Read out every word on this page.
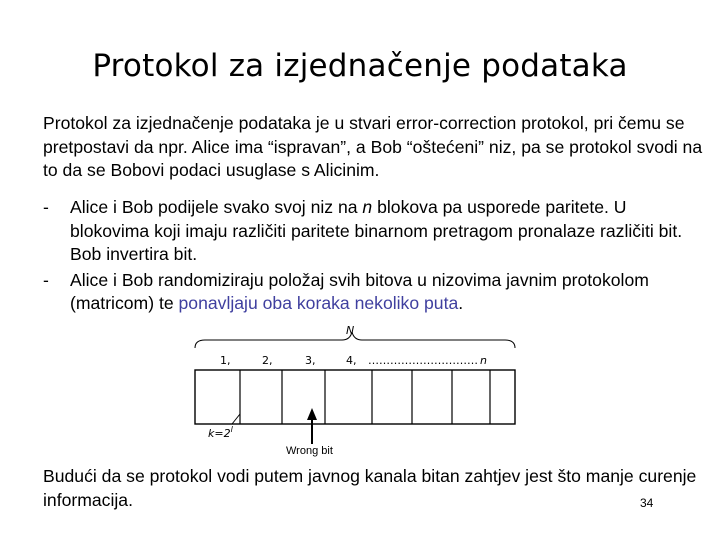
Protokol za izjednačenje podataka

Protokol za izjednačenje podataka je u stvari error-correction protokol, pri čemu se pretpostavi da npr. Alice ima “ispravan”, a Bob “oštećeni” niz, pa se protokol svodi na to da se Bobovi podaci usuglase s Alicinim.

- Alice i Bob podijele svako svoj niz na n blokova pa usporede paritete. U blokovima koji imaju različiti paritete binarnom pretragom pronalaze različiti bit. Bob invertira bit.
- Alice i Bob randomiziraju položaj svih bitova u nizovima javnim protokolom (matricom) te ponavljaju oba koraka nekoliko puta.
N
1,	2,	3,	4, ………………………… n
$k=2^l$
Wrong bit
Budući da se protokol vodi putem javnog kanala bitan zahtjev jest što manje curenje informacija.	34
